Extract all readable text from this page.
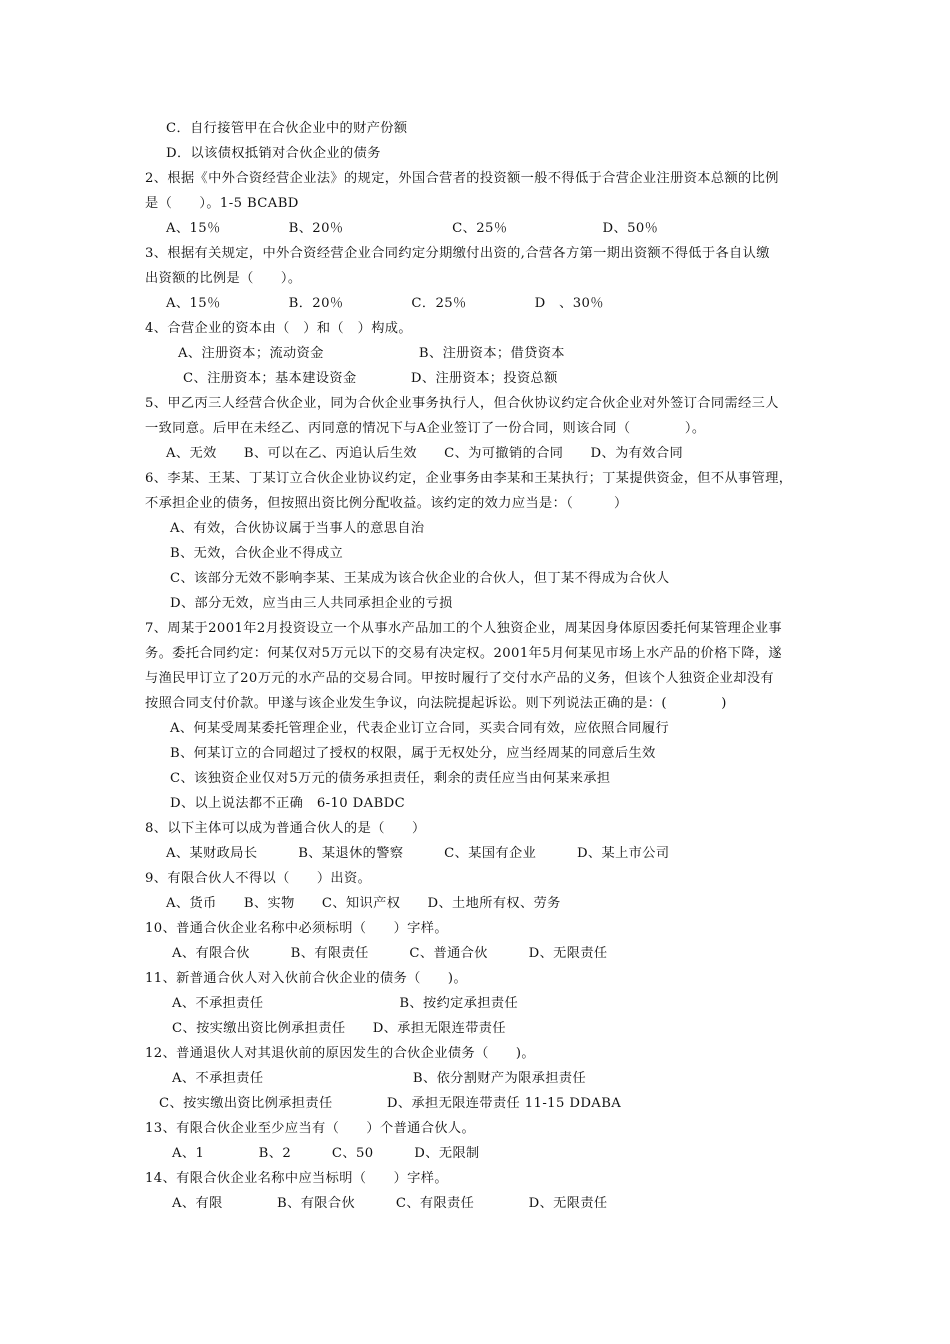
C．自行接管甲在合伙企业中的财产份额

D．以该债权抵销对合伙企业的债务

2、根据《中外合资经营企业法》的规定，外国合营者的投资额一般不得低于合营企业注册资本总额的比例

是（　　）。1-5 BCABD

A、15％　　　　　B、20％　　　　　　　　C、25％　　　　　　　D、50％

3、根据有关规定，中外合资经营企业合同约定分期缴付出资的,合营各方第一期出资额不得低于各自认缴

出资额的比例是（　　）。

A、15％　　　　　B．20％　　　　　C．25％　　　　　D　、30％

4、合营企业的资本由（　）和（　）构成。

A、注册资本；流动资金　　　　　　　B、注册资本；借贷资本

C、注册资本；基本建设资金　　　　D、注册资本；投资总额

5、甲乙丙三人经营合伙企业，同为合伙企业事务执行人，但合伙协议约定合伙企业对外签订合同需经三人

一致同意。后甲在未经乙、丙同意的情况下与A企业签订了一份合同，则该合同（　　　　）。

A、无效　　B、可以在乙、丙追认后生效　　C、为可撤销的合同　　D、为有效合同

6、李某、王某、丁某订立合伙企业协议约定，企业事务由李某和王某执行；丁某提供资金，但不从事管理，

不承担企业的债务，但按照出资比例分配收益。该约定的效力应当是：（　　　）

A、有效，合伙协议属于当事人的意思自治

B、无效，合伙企业不得成立

C、该部分无效不影响李某、王某成为该合伙企业的合伙人，但丁某不得成为合伙人

D、部分无效，应当由三人共同承担企业的亏损

7、周某于2001年2月投资设立一个从事水产品加工的个人独资企业，周某因身体原因委托何某管理企业事

务。委托合同约定：何某仅对5万元以下的交易有决定权。2001年5月何某见市场上水产品的价格下降，遂

与渔民甲订立了20万元的水产品的交易合同。甲按时履行了交付水产品的义务，但该个人独资企业却没有

按照合同支付价款。甲遂与该企业发生争议，向法院提起诉讼。则下列说法正确的是：(　　　　)

A、何某受周某委托管理企业，代表企业订立合同，买卖合同有效，应依照合同履行

B、何某订立的合同超过了授权的权限，属于无权处分，应当经周某的同意后生效

C、该独资企业仅对5万元的债务承担责任，剩余的责任应当由何某来承担

D、以上说法都不正确　6-10 DABDC

8、以下主体可以成为普通合伙人的是（　　）

A、某财政局长　　　B、某退休的警察　　　C、某国有企业　　　D、某上市公司

9、有限合伙人不得以（　　）出资。

A、货币　　B、实物　　C、知识产权　　D、土地所有权、劳务

10、普通合伙企业名称中必须标明（　　）字样。

A、有限合伙　　　B、有限责任　　　C、普通合伙　　　D、无限责任

11、新普通合伙人对入伙前合伙企业的债务（　　)。

A、不承担责任　　　　　　　　　　B、按约定承担责任

C、按实缴出资比例承担责任　　D、承担无限连带责任

12、普通退伙人对其退伙前的原因发生的合伙企业债务（　　)。

A、不承担责任　　　　　　　　　　　B、依分割财产为限承担责任

C、按实缴出资比例承担责任　　　　D、承担无限连带责任 11-15 DDABA

13、有限合伙企业至少应当有（　　）个普通合伙人。

A、1　　　　B、2　　　C、50　　　D、无限制

14、有限合伙企业名称中应当标明（　　）字样。

A、有限　　　　B、有限合伙　　　C、有限责任　　　　D、无限责任
